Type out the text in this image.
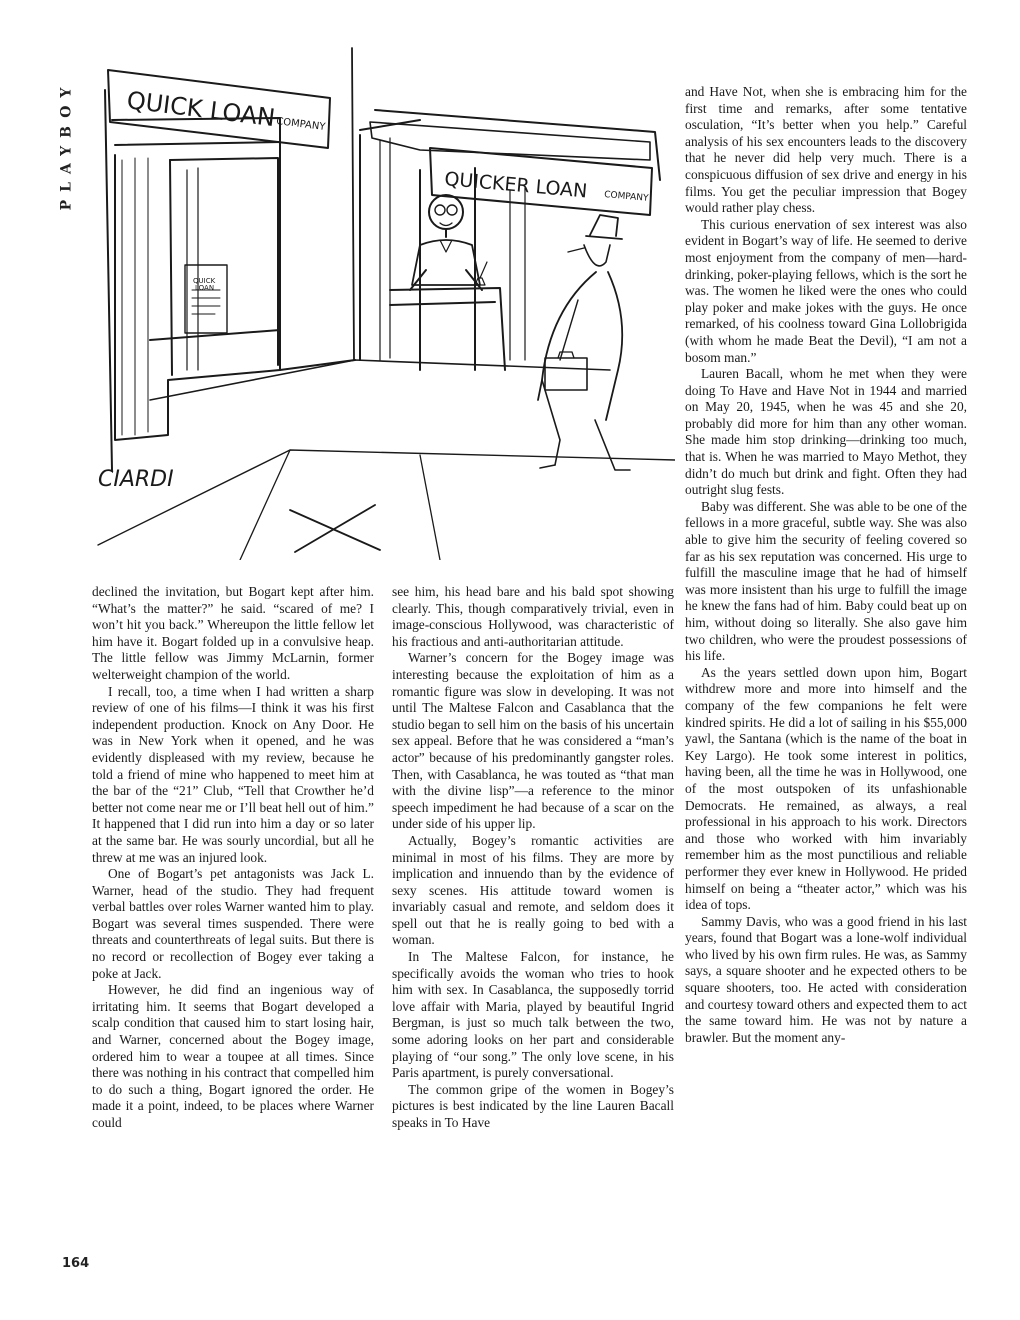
PLAYBOY QUICK LOAN COMPANY
QUICK
LOAN
QUICKER LOAN COMPANY
CIARDI

declined the invitation, but Bogart kept after him. “What’s the matter?” he said. “scared of me? I won’t hit you back.” Whereupon the little fellow let him have it. Bogart folded up in a convulsive heap. The little fellow was Jimmy McLarnin, former welterweight champion of the world.

I recall, too, a time when I had written a sharp review of one of his films—I think it was his first independent production. Knock on Any Door. He was in New York when it opened, and he was evidently displeased with my review, because he told a friend of mine who happened to meet him at the bar of the “21” Club, “Tell that Crowther he’d better not come near me or I’ll beat hell out of him.” It happened that I did run into him a day or so later at the same bar. He was sourly uncordial, but all he threw at me was an injured look.

One of Bogart’s pet antagonists was Jack L. Warner, head of the studio. They had frequent verbal battles over roles Warner wanted him to play. Bogart was several times suspended. There were threats and counterthreats of legal suits. But there is no record or recollection of Bogey ever taking a poke at Jack.

However, he did find an ingenious way of irritating him. It seems that Bogart developed a scalp condition that caused him to start losing hair, and Warner, concerned about the Bogey image, ordered him to wear a toupee at all times. Since there was nothing in his contract that compelled him to do such a thing, Bogart ignored the order. He made it a point, indeed, to be places where Warner could

see him, his head bare and his bald spot showing clearly. This, though comparatively trivial, even in image-conscious Hollywood, was characteristic of his fractious and anti-authoritarian attitude.

Warner’s concern for the Bogey image was interesting because the exploitation of him as a romantic figure was slow in developing. It was not until The Maltese Falcon and Casablanca that the studio began to sell him on the basis of his uncertain sex appeal. Before that he was considered a “man’s actor” because of his predominantly gangster roles. Then, with Casablanca, he was touted as “that man with the divine lisp”—a reference to the minor speech impediment he had because of a scar on the under side of his upper lip.

Actually, Bogey’s romantic activities are minimal in most of his films. They are more by implication and innuendo than by the evidence of sexy scenes. His attitude toward women is invariably casual and remote, and seldom does it spell out that he is really going to bed with a woman.

In The Maltese Falcon, for instance, he specifically avoids the woman who tries to hook him with sex. In Casablanca, the supposedly torrid love affair with Maria, played by beautiful Ingrid Bergman, is just so much talk between the two, some adoring looks on her part and considerable playing of “our song.” The only love scene, in his Paris apartment, is purely conversational.

The common gripe of the women in Bogey’s pictures is best indicated by the line Lauren Bacall speaks in To Have

and Have Not, when she is embracing him for the first time and remarks, after some tentative osculation, “It’s better when you help.” Careful analysis of his sex encounters leads to the discovery that he never did help very much. There is a conspicuous diffusion of sex drive and energy in his films. You get the peculiar impression that Bogey would rather play chess.

This curious enervation of sex interest was also evident in Bogart’s way of life. He seemed to derive most enjoyment from the company of men—hard-drinking, poker-playing fellows, which is the sort he was. The women he liked were the ones who could play poker and make jokes with the guys. He once remarked, of his coolness toward Gina Lollobrigida (with whom he made Beat the Devil), “I am not a bosom man.”

Lauren Bacall, whom he met when they were doing To Have and Have Not in 1944 and married on May 20, 1945, when he was 45 and she 20, probably did more for him than any other woman. She made him stop drinking—drinking too much, that is. When he was married to Mayo Methot, they didn’t do much but drink and fight. Often they had outright slug fests.

Baby was different. She was able to be one of the fellows in a more graceful, subtle way. She was also able to give him the security of feeling covered so far as his sex reputation was concerned. His urge to fulfill the masculine image that he had of himself was more insistent than his urge to fulfill the image he knew the fans had of him. Baby could beat up on him, without doing so literally. She also gave him two children, who were the proudest possessions of his life.

As the years settled down upon him, Bogart withdrew more and more into himself and the company of the few companions he felt were kindred spirits. He did a lot of sailing in his $55,000 yawl, the Santana (which is the name of the boat in Key Largo). He took some interest in politics, having been, all the time he was in Hollywood, one of the most outspoken of its unfashionable Democrats. He remained, as always, a real professional in his approach to his work. Directors and those who worked with him invariably remember him as the most punctilious and reliable performer they ever knew in Hollywood. He prided himself on being a “theater actor,” which was his idea of tops.

Sammy Davis, who was a good friend in his last years, found that Bogart was a lone-wolf individual who lived by his own firm rules. He was, as Sammy says, a square shooter and he expected others to be square shooters, too. He acted with consideration and courtesy toward others and expected them to act the same toward him. He was not by nature a brawler. But the moment any-

164
